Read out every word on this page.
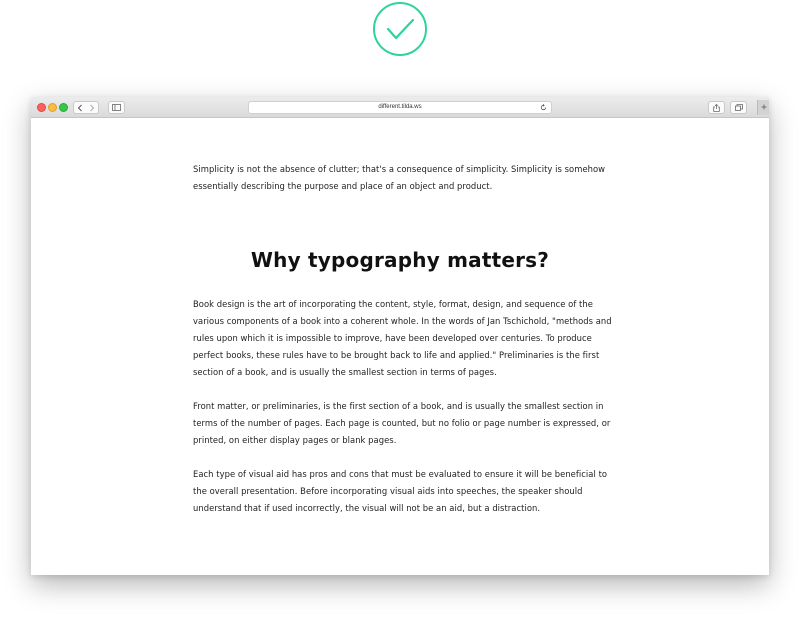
different.tilda.ws

Simplicity is not the absence of clutter; that's a consequence of simplicity. Simplicity is somehow essentially describing the purpose and place of an object and product.

Why typography matters?

Book design is the art of incorporating the content, style, format, design, and sequence of the various components of a book into a coherent whole. In the words of Jan Tschichold, "methods and rules upon which it is impossible to improve, have been developed over centuries. To produce perfect books, these rules have to be brought back to life and applied." Preliminaries is the first section of a book, and is usually the smallest section in terms of pages.

Front matter, or preliminaries, is the first section of a book, and is usually the smallest section in terms of the number of pages. Each page is counted, but no folio or page number is expressed, or printed, on either display pages or blank pages.

Each type of visual aid has pros and cons that must be evaluated to ensure it will be beneficial to the overall presentation. Before incorporating visual aids into speeches, the speaker should understand that if used incorrectly, the visual will not be an aid, but a distraction.
